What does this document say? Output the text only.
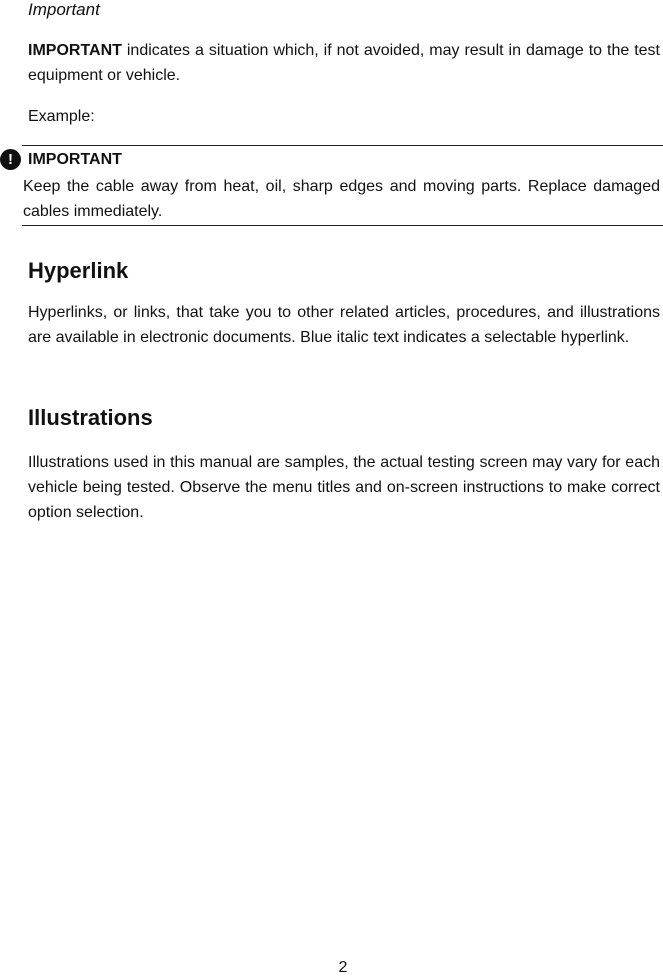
Important
IMPORTANT indicates a situation which, if not avoided, may result in damage to the test equipment or vehicle.
Example:
! IMPORTANT
Keep the cable away from heat, oil, sharp edges and moving parts. Replace damaged cables immediately.
Hyperlink
Hyperlinks, or links, that take you to other related articles, procedures, and illustrations are available in electronic documents. Blue italic text indicates a selectable hyperlink.
Illustrations
Illustrations used in this manual are samples, the actual testing screen may vary for each vehicle being tested. Observe the menu titles and on-screen instructions to make correct option selection.
2
